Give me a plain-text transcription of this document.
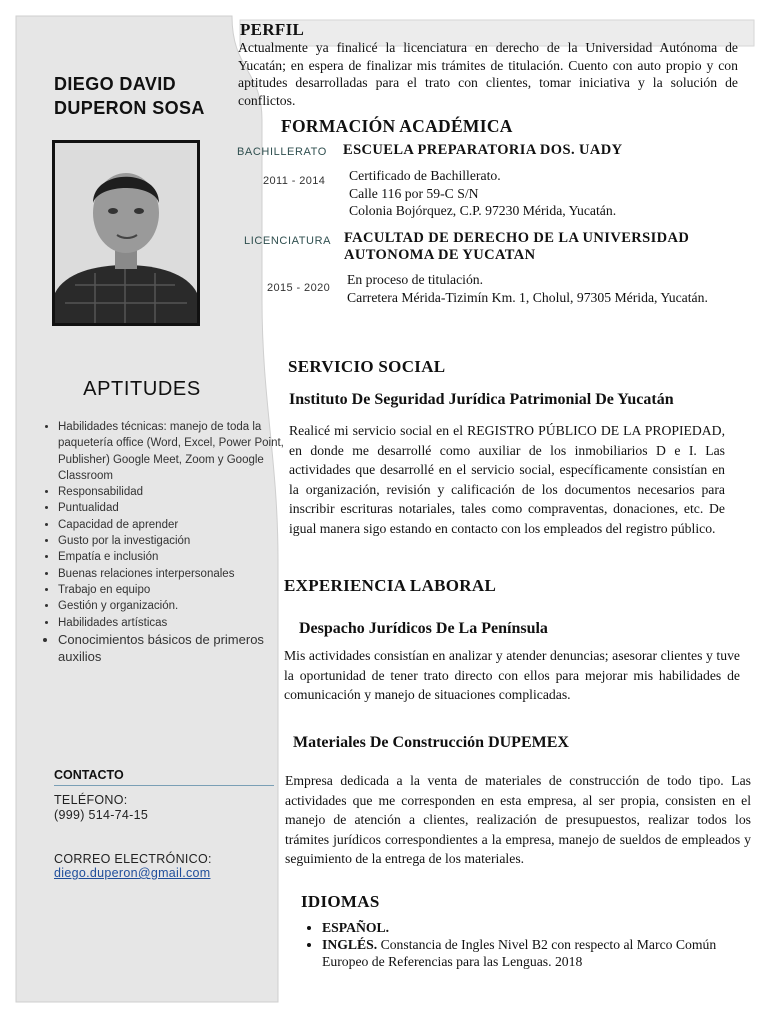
DIEGO DAVID
DUPERON SOSA
APTITUDES
• Habilidades técnicas: manejo de toda la paquetería office (Word, Excel, Power Point, Publisher) Google Meet, Zoom y Google Classroom
• Responsabilidad
• Puntualidad
• Capacidad de aprender
• Gusto por la investigación
• Empatía e inclusión
• Buenas relaciones interpersonales
• Trabajo en equipo
• Gestión y organización.
• Habilidades artísticas
• Conocimientos básicos de primeros auxilios
CONTACTO
TELÉFONO:
(999) 514-74-15
CORREO ELECTRÓNICO:
diego.duperon@gmail.com
PERFIL
Actualmente ya finalicé la licenciatura en derecho de la Universidad Autónoma de Yucatán; en espera de finalizar mis trámites de titulación. Cuento con auto propio y con aptitudes desarrolladas para el trato con clientes, tomar iniciativa y la solución de conflictos.
FORMACIÓN ACADÉMICA
BACHILLERATO ESCUELA PREPARATORIA DOS. UADY
2011 - 2014 Certificado de Bachillerato.
Calle 116 por 59-C S/N
Colonia Bojórquez, C.P. 97230 Mérida, Yucatán.
LICENCIATURA FACULTAD DE DERECHO DE LA UNIVERSIDAD AUTONOMA DE YUCATAN
2015 - 2020
En proceso de titulación.
Carretera Mérida-Tizimín Km. 1, Cholul, 97305 Mérida, Yucatán.
SERVICIO SOCIAL
Instituto De Seguridad Jurídica Patrimonial De Yucatán
Realicé mi servicio social en el REGISTRO PÚBLICO DE LA PROPIEDAD, en donde me desarrollé como auxiliar de los inmobiliarios D e I. Las actividades que desarrollé en el servicio social, específicamente consistían en la organización, revisión y calificación de los documentos necesarios para inscribir escrituras notariales, tales como compraventas, donaciones, etc. De igual manera sigo estando en contacto con los empleados del registro público.
EXPERIENCIA LABORAL
Despacho Jurídicos De La Península
Mis actividades consistían en analizar y atender denuncias; asesorar clientes y tuve la oportunidad de tener trato directo con ellos para mejorar mis habilidades de comunicación y manejo de situaciones complicadas.
Materiales De Construcción DUPEMEX
Empresa dedicada a la venta de materiales de construcción de todo tipo. Las actividades que me corresponden en esta empresa, al ser propia, consisten en el manejo de atención a clientes, realización de presupuestos, realizar todos los trámites jurídicos correspondientes a la empresa, manejo de sueldos de empleados y seguimiento de la entrega de los materiales.
IDIOMAS
• ESPAÑOL.
• INGLÉS. Constancia de Ingles Nivel B2 con respecto al Marco Común Europeo de Referencias para las Lenguas. 2018
